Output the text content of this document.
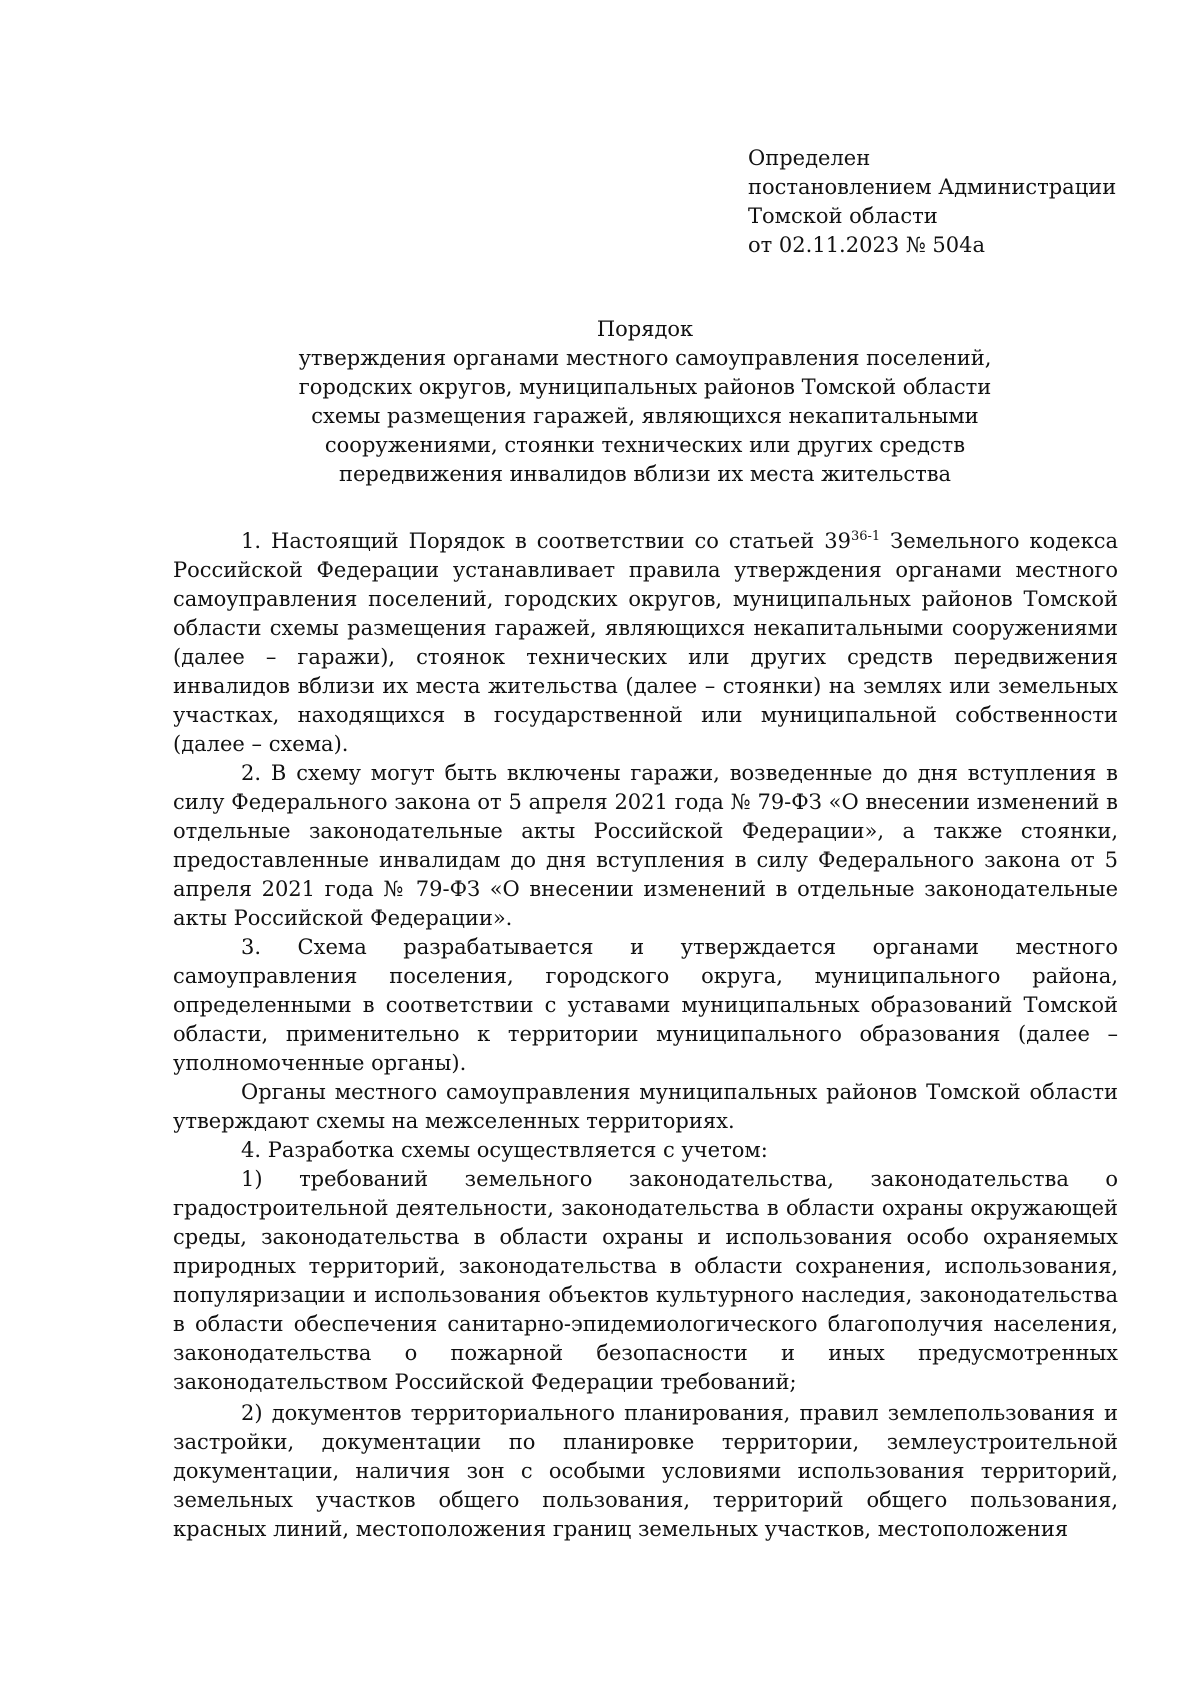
Определен
постановлением Администрации
Томской области
от 02.11.2023 № 504а
Порядок
утверждения органами местного самоуправления поселений,
городских округов, муниципальных районов Томской области
схемы размещения гаражей, являющихся некапитальными
сооружениями, стоянки технических или других средств
передвижения инвалидов вблизи их места жительства

1. Настоящий Порядок в соответствии со статьей 39$^{36-1}$ Земельного кодекса Российской Федерации устанавливает правила утверждения органами местного самоуправления поселений, городских округов, муниципальных районов Томской области схемы размещения гаражей, являющихся некапитальными сооружениями (далее – гаражи), стоянок технических или других средств передвижения инвалидов вблизи их места жительства (далее – стоянки) на землях или земельных участках, находящихся в государственной или муниципальной собственности (далее – схема).

2. В схему могут быть включены гаражи, возведенные до дня вступления в силу Федерального закона от 5 апреля 2021 года № 79-ФЗ «О внесении изменений в отдельные законодательные акты Российской Федерации», а также стоянки, предоставленные инвалидам до дня вступления в силу Федерального закона от 5 апреля 2021 года № 79-ФЗ «О внесении изменений в отдельные законодательные акты Российской Федерации».

3. Схема разрабатывается и утверждается органами местного самоуправления поселения, городского округа, муниципального района, определенными в соответствии с уставами муниципальных образований Томской области, применительно к территории муниципального образования (далее – уполномоченные органы).

Органы местного самоуправления муниципальных районов Томской области утверждают схемы на межселенных территориях.

4. Разработка схемы осуществляется с учетом:

1) требований земельного законодательства, законодательства о градостроительной деятельности, законодательства в области охраны окружающей среды, законодательства в области охраны и использования особо охраняемых природных территорий, законодательства в области сохранения, использования, популяризации и использования объектов культурного наследия, законодательства в области обеспечения санитарно-эпидемиологического благополучия населения, законодательства о пожарной безопасности и иных предусмотренных законодательством Российской Федерации требований;

2) документов территориального планирования, правил землепользования и застройки, документации по планировке территории, землеустроительной документации, наличия зон с особыми условиями использования территорий, земельных участков общего пользования, территорий общего пользования, красных линий, местоположения границ земельных участков, местоположения
